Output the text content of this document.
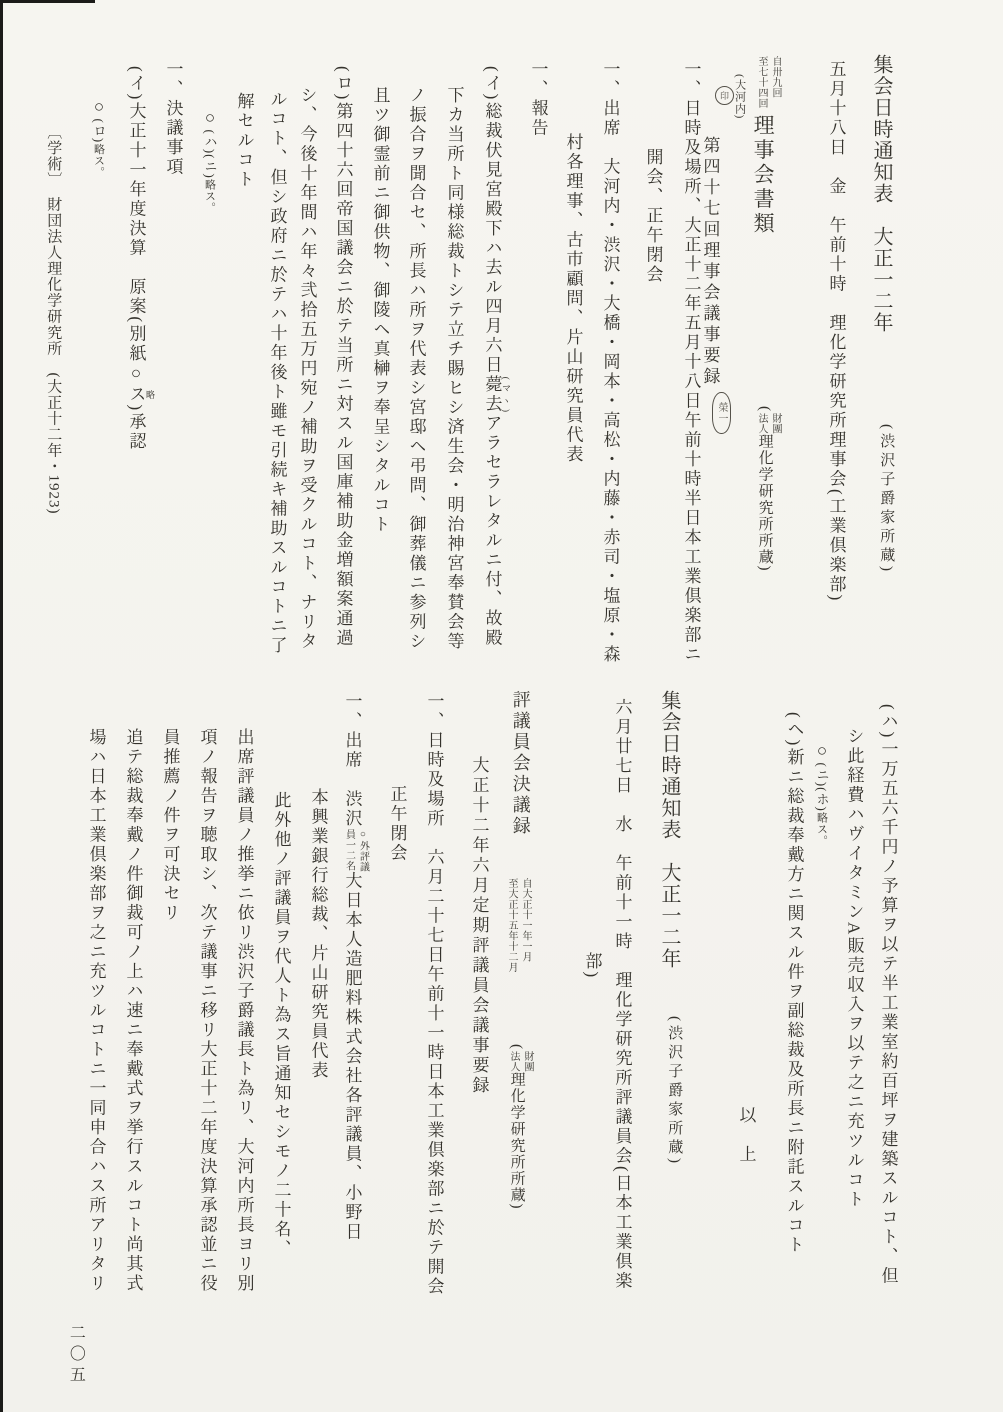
集会日時通知表　大正一二年
(渋沢子爵家所蔵)
五月十八日　金　午前十時　理化学研究所理事会(工業倶楽部)
自卅九回
至七十四回
理事会書類
(大河内)
印
第四十七回理事会議事要録
榮一 (
財團
法人
理化学研究所所蔵)
一、日時及場所、大正十二年五月十八日午前十時半日本工業倶楽部ニ
開会、正午閉会
一、出席　大河内・渋沢・大橋・岡本・高松・内藤・赤司・塩原・森
村各理事、古市顧問、片山研究員代表
一、報告
(イ)総裁伏見宮殿下ハ去ル四月六日薨去 (マヽ)アラセラレタルニ付、故殿
下カ当所ト同様総裁トシテ立チ賜ヒシ済生会・明治神宮奉賛会等
ノ振合ヲ聞合セ、所長ハ所ヲ代表シ宮邸ヘ弔問、御葬儀ニ参列シ
且ツ御霊前ニ御供物、御陵ヘ真榊ヲ奉呈シタルコト
(ロ)第四十六回帝国議会ニ於テ当所ニ対スル国庫補助金増額案通過
シ、今後十年間ハ年々弐拾五万円宛ノ補助ヲ受クルコト、ナリタ
ルコト、但シ政府ニ於テハ十年後ト雖モ引続キ補助スルコトニ了
解セルコト
○(ハ)(ニ)略ス。
一、決議事項
(イ)大正十一年度決算　原案(別紙○ス 略)承認
○(ロ)略ス。
〔学術〕　財団法人理化学研究所　(大正十二年・1923)
(ハ)一万五六千円ノ予算ヲ以テ半工業室約百坪ヲ建築スルコト、但
シ此経費ハヴイタミンA販売収入ヲ以テ之ニ充ツルコト
○(ニ)(ホ)略ス。
(ヘ)新ニ総裁奉戴方ニ関スル件ヲ副総裁及所長ニ附託スルコト
以　上
集会日時通知表　大正一二年
(渋沢子爵家所蔵)
六月廿七日　水　午前十一時　理化学研究所評議員会(日本工業倶楽
部)
評議員会決議録
自大正十一年一月
至大正十五年十二月
(
財團
法人
理化学研究所所蔵)
大正十二年六月定期評議員会議事要録
一、日時及場所　六月二十七日午前十一時日本工業倶楽部ニ於テ開会
正午閉会
一、出席　渋沢
○外評議
員一二名
大日本人造肥料株式会社各評議員、小野日
本興業銀行総裁、片山研究員代表
此外他ノ評議員ヲ代人ト為ス旨通知セシモノ二十名、
出席評議員ノ推挙ニ依リ渋沢子爵議長ト為リ、大河内所長ヨリ別
項ノ報告ヲ聴取シ、次テ議事ニ移リ大正十二年度決算承認並ニ役
員推薦ノ件ヲ可決セリ
追テ総裁奉戴ノ件御裁可ノ上ハ速ニ奉戴式ヲ挙行スルコト尚其式
場ハ日本工業倶楽部ヲ之ニ充ツルコトニ一同申合ハス所アリタリ
二〇五
